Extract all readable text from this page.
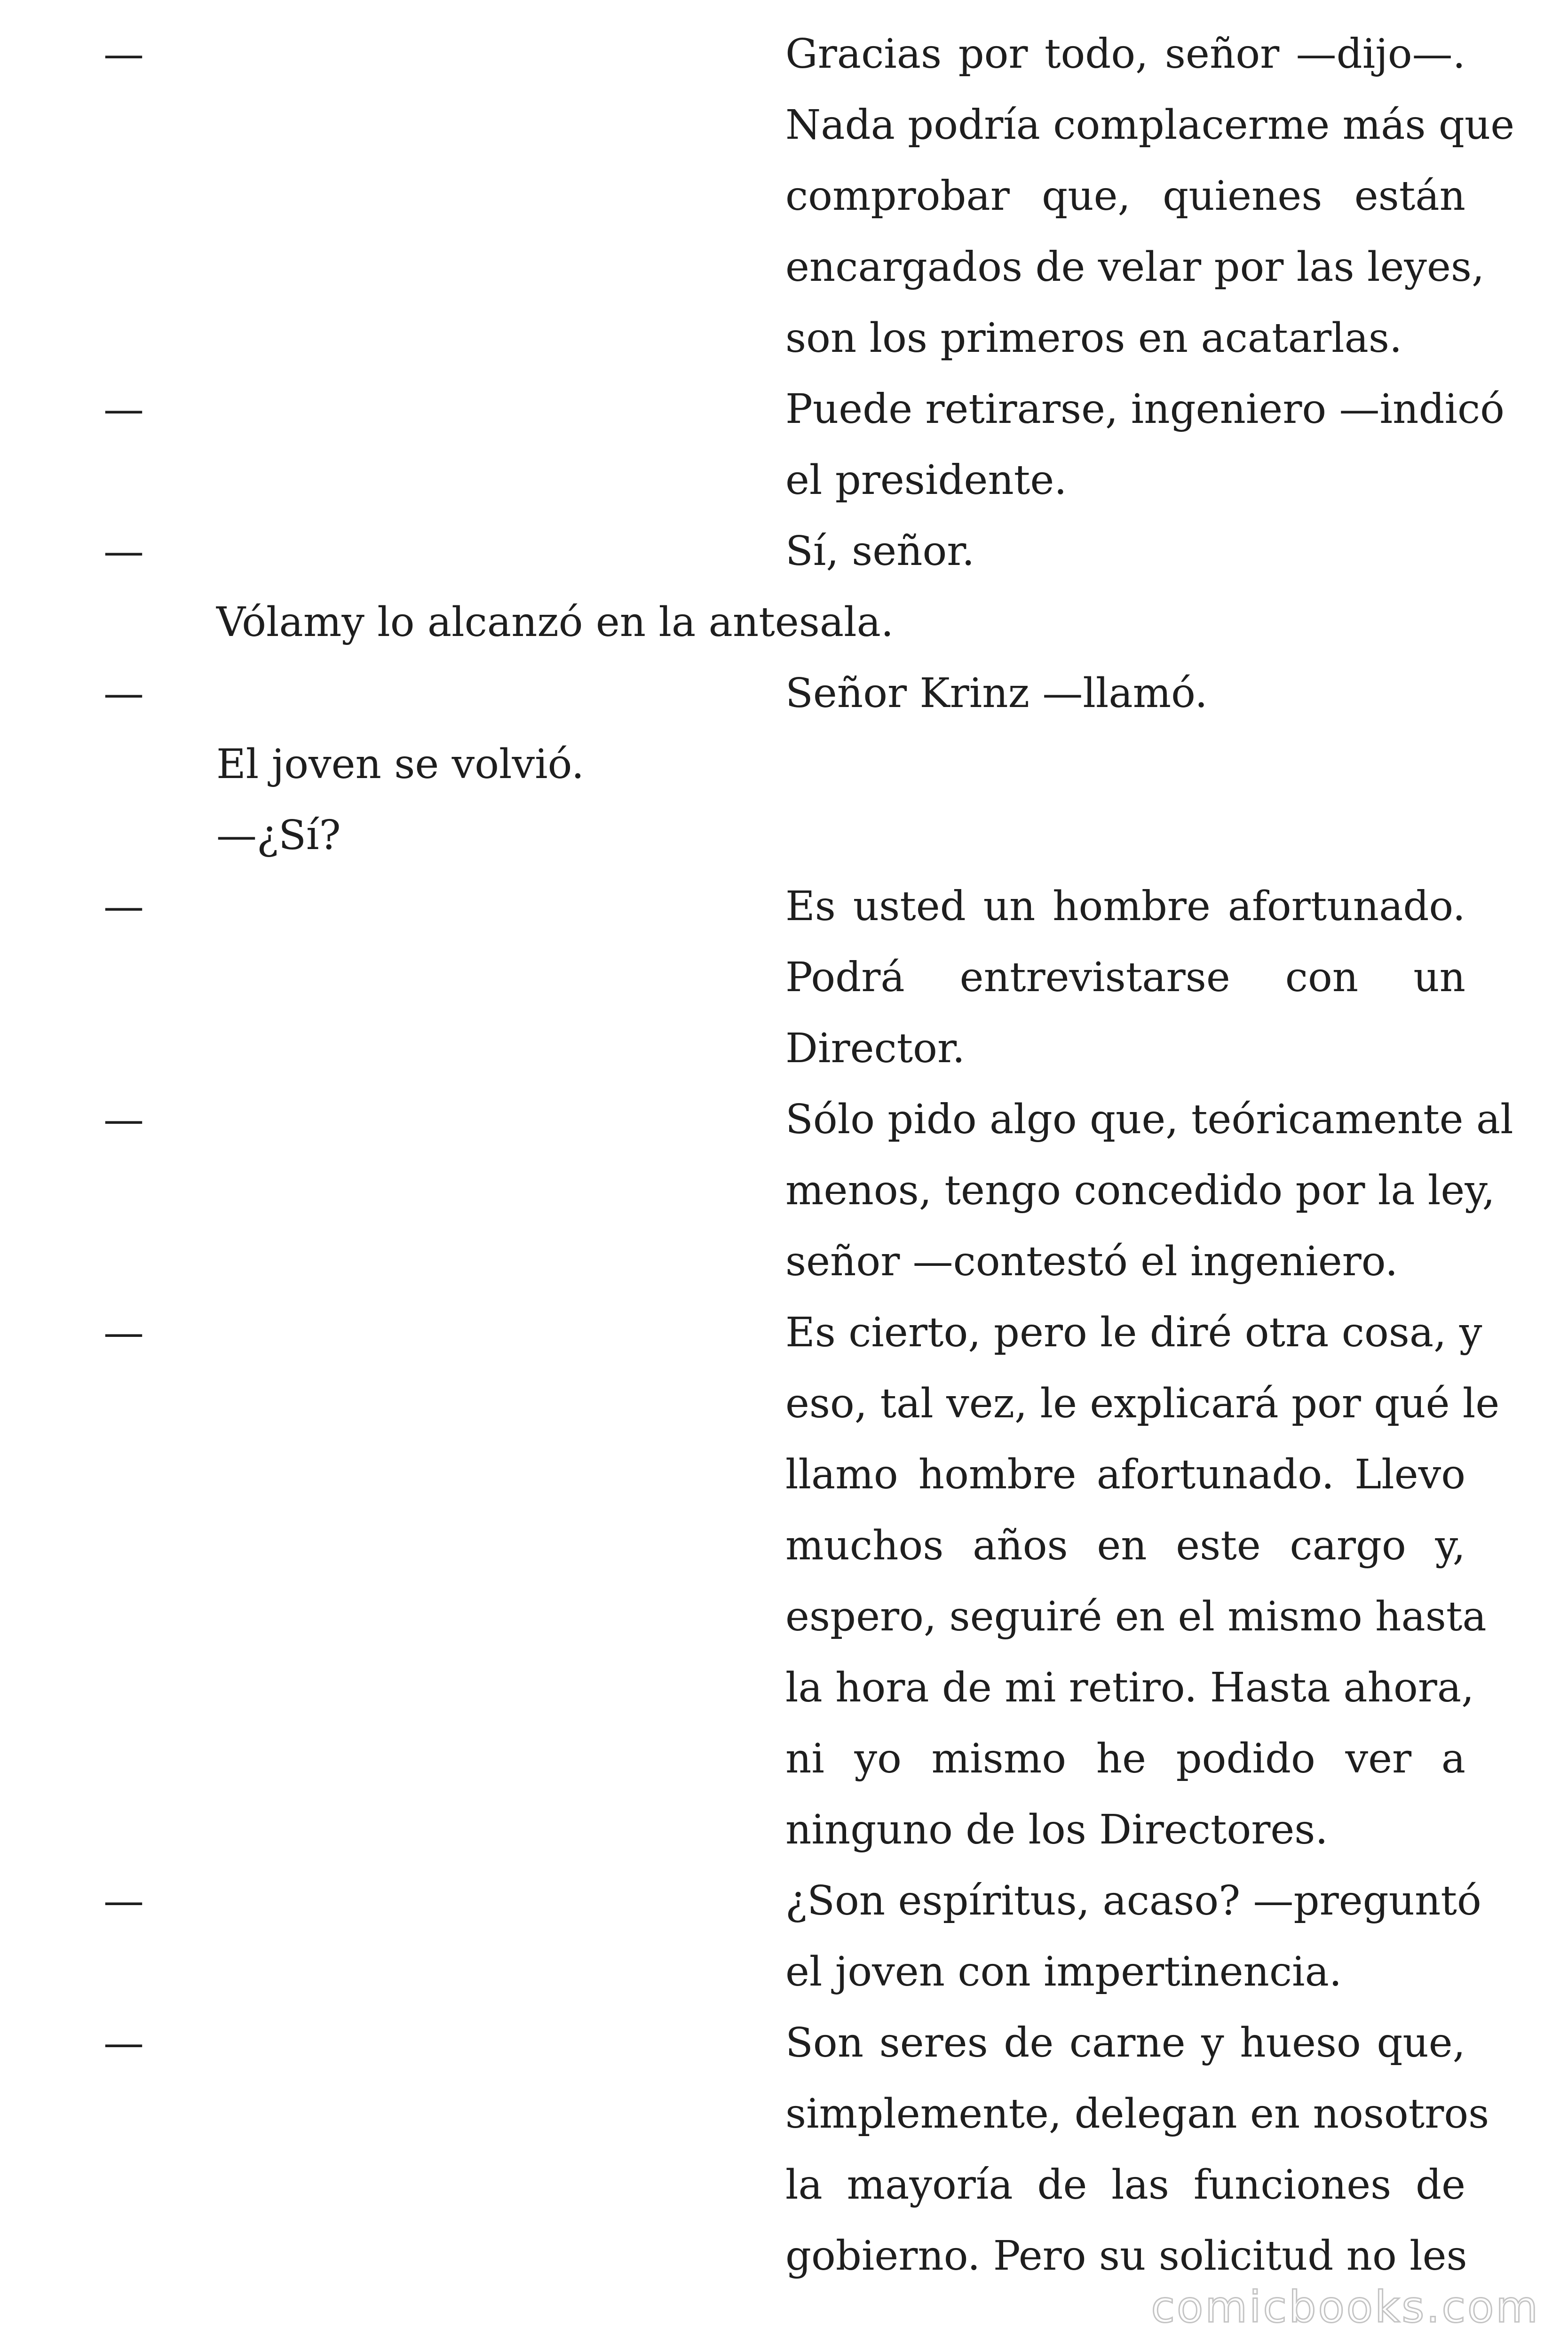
—	Gracias por todo, señor —dijo—.
Nada podría complacerme más que
comprobar que, quienes están
encargados de velar por las leyes,
son los primeros en acatarlas.
—	Puede retirarse, ingeniero —indicó
el presidente.
—	Sí, señor.
Vólamy lo alcanzó en la antesala.
—	Señor Krinz —llamó.
El joven se volvió.
—¿Sí?
—	Es usted un hombre afortunado.
Podrá entrevistarse con un
Director.
—	Sólo pido algo que, teóricamente al
menos, tengo concedido por la ley,
señor —contestó el ingeniero.
—	Es cierto, pero le diré otra cosa, y
eso, tal vez, le explicará por qué le
llamo hombre afortunado. Llevo
muchos años en este cargo y,
espero, seguiré en el mismo hasta
la hora de mi retiro. Hasta ahora,
ni yo mismo he podido ver a
ninguno de los Directores.
—	¿Son espíritus, acaso? —preguntó
el joven con impertinencia.
—	Son seres de carne y hueso que,
simplemente, delegan en nosotros
la mayoría de las funciones de
gobierno. Pero su solicitud no les
comicbooks.com
